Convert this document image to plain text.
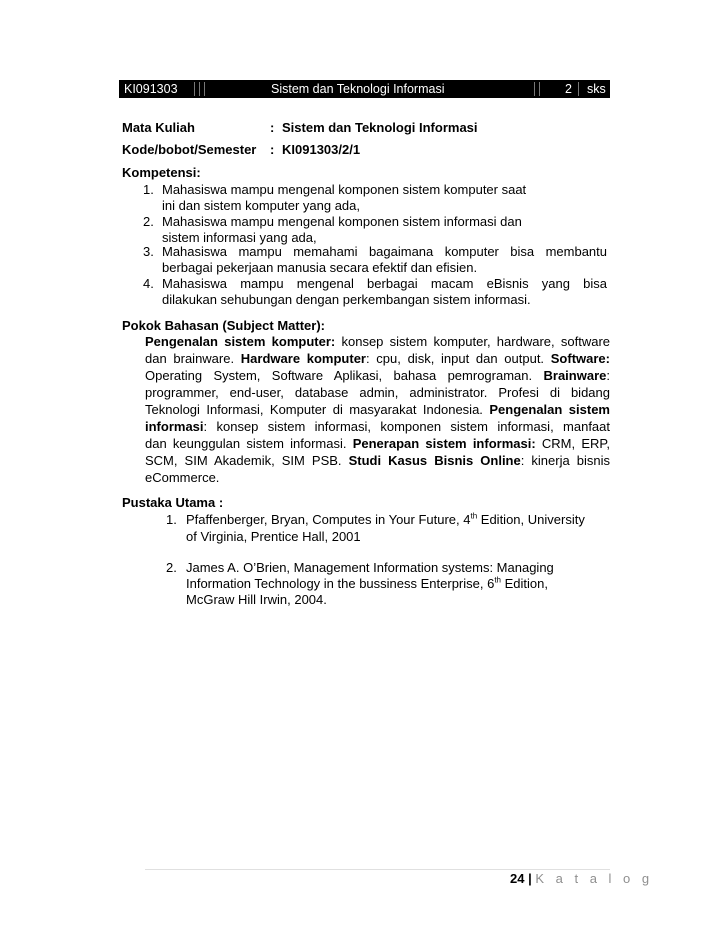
KI091303	Sistem dan Teknologi Informasi	2 sks
Mata Kuliah	: Sistem dan Teknologi Informasi
Kode/bobot/Semester : KI091303/2/1
Kompetensi:
1. Mahasiswa mampu mengenal komponen sistem komputer saat
ini dan sistem komputer yang ada,
2. Mahasiswa mampu mengenal komponen sistem informasi dan
sistem informasi yang ada,
3. Mahasiswa mampu memahami bagaimana komputer bisa membantu
berbagai pekerjaan manusia secara efektif dan efisien.
4. Mahasiswa mampu mengenal berbagai macam eBisnis yang bisa
dilakukan sehubungan dengan perkembangan sistem informasi.
Pokok Bahasan (Subject Matter):
Pengenalan sistem komputer: konsep sistem komputer, hardware, software
dan brainware. Hardware komputer: cpu, disk, input dan output. Software:
Operating System, Software Aplikasi, bahasa pemrograman. Brainware:
programmer, end-user, database admin, administrator. Profesi di bidang
Teknologi Informasi, Komputer di masyarakat Indonesia. Pengenalan sistem
informasi: konsep sistem informasi, komponen sistem informasi, manfaat
dan keunggulan sistem informasi. Penerapan sistem informasi: CRM, ERP,
SCM, SIM Akademik, SIM PSB. Studi Kasus Bisnis Online: kinerja bisnis
eCommerce.
Pustaka Utama :
1. Pfaffenberger, Bryan, Computes in Your Future, 4th Edition, University
of Virginia, Prentice Hall, 2001
2. James A. O’Brien, Management Information systems: Managing
Information Technology in the bussiness Enterprise, 6th Edition,
McGraw Hill Irwin, 2004.
24 | K a t a l o g
